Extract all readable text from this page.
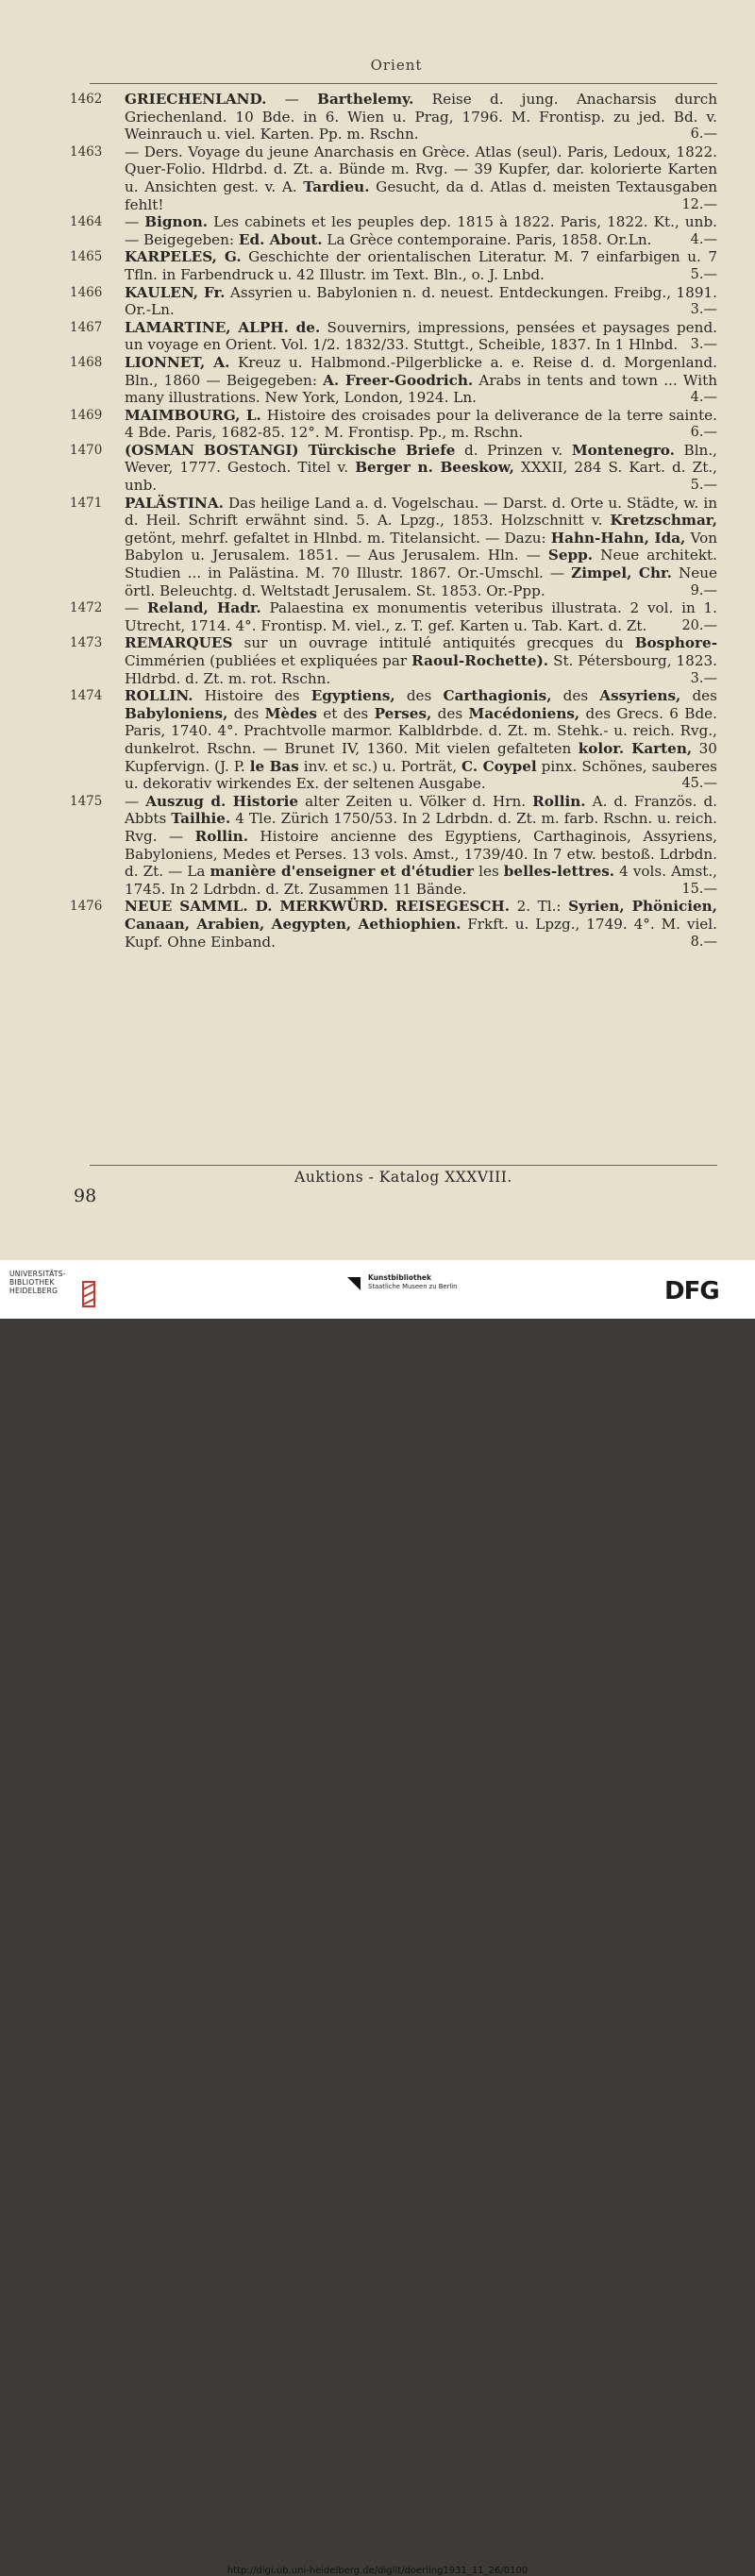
Orient
1462 GRIECHENLAND. — Barthelemy. Reise d. jung. Anacharsis durch Griechenland. 10 Bde. in 6. Wien u. Prag, 1796. M. Frontisp. zu jed. Bd. v. Weinrauch u. viel. Karten. Pp. m. Rschn.	6.—
1463 — Ders. Voyage du jeune Anarchasis en Grèce. Atlas (seul). Paris, Ledoux, 1822. Quer-Folio. Hldrbd. d. Zt. a. Bünde m. Rvg. — 39 Kupfer, dar. kolorierte Karten u. Ansichten gest. v. A. Tardieu. Gesucht, da d. Atlas d. meisten Textausgaben fehlt!	12.—
1464 — Bignon. Les cabinets et les peuples dep. 1815 à 1822. Paris, 1822. Kt., unb. — Beigegeben: Ed. About. La Grèce contemporaine. Paris, 1858. Or.Ln.	4.—
1465 KARPELES, G. Geschichte der orientalischen Literatur. M. 7 einfarbigen u. 7 Tfln. in Farbendruck u. 42 Illustr. im Text. Bln., o. J. Lnbd.	5.—
1466 KAULEN, Fr. Assyrien u. Babylonien n. d. neuest. Entdeckungen. Freibg., 1891. Or.-Ln.	3.—
1467 LAMARTINE, ALPH. de. Souvernirs, impressions, pensées et paysages pend. un voyage en Orient. Vol. 1/2. 1832/33. Stuttgt., Scheible, 1837. In 1 Hlnbd. 3.—
1468 LIONNET, A. Kreuz u. Halbmond.-Pilgerblicke a. e. Reise d. d. Morgenland. Bln., 1860 — Beigegeben: A. Freer-Goodrich. Arabs in tents and town ... With many illustrations. New York, London, 1924. Ln.	4.—
1469 MAIMBOURG, L. Histoire des croisades pour la deliverance de la terre sainte. 4 Bde. Paris, 1682-85. 12°. M. Frontisp. Pp., m. Rschn.	6.—
1470 (OSMAN BOSTANGI) Türckische Briefe d. Prinzen v. Montenegro. Bln., Wever, 1777. Gestoch. Titel v. Berger n. Beeskow, XXXII, 284 S. Kart. d. Zt., unb.	5.—
1471 PALÄSTINA. Das heilige Land a. d. Vogelschau. — Darst. d. Orte u. Städte, w. in d. Heil. Schrift erwähnt sind. 5. A. Lpzg., 1853. Holzschnitt v. Kretzschmar, getönt, mehrf. gefaltet in Hlnbd. m. Titelansicht. — Dazu: Hahn-Hahn, Ida, Von Babylon u. Jerusalem. 1851. — Aus Jerusalem. Hln. — Sepp. Neue architekt. Studien ... in Palästina. M. 70 Illustr. 1867. Or.-Umschl. — Zimpel, Chr. Neue örtl. Beleuchtg. d. Weltstadt Jerusalem. St. 1853. Or.-Ppp.	9.—
1472 — Reland, Hadr. Palaestina ex monumentis veteribus illustrata. 2 vol. in 1. Utrecht, 1714. 4°. Frontisp. M. viel., z. T. gef. Karten u. Tab. Kart. d. Zt.	20.—
1473 REMARQUES sur un ouvrage intitulé antiquités grecques du Bosphore-Cimmérien (publiées et expliquées par Raoul-Rochette). St. Pétersbourg, 1823. Hldrbd. d. Zt. m. rot. Rschn.	3.—
1474 ROLLIN. Histoire des Egyptiens, des Carthagionis, des Assyriens, des Babyloniens, des Mèdes et des Perses, des Macédoniens, des Grecs. 6 Bde. Paris, 1740. 4°. Prachtvolle marmor. Kalbldrbde. d. Zt. m. Stehk.- u. reich. Rvg., dunkelrot. Rschn. — Brunet IV, 1360. Mit vielen gefalteten kolor. Karten, 30 Kupfervign. (J. P. le Bas inv. et sc.) u. Porträt, C. Coypel pinx. Schönes, sauberes u. dekorativ wirkendes Ex. der seltenen Ausgabe.	45.—
1475 — Auszug d. Historie alter Zeiten u. Völker d. Hrn. Rollin. A. d. Französ. d. Abbts Tailhie. 4 Tle. Zürich 1750/53. In 2 Ldrbdn. d. Zt. m. farb. Rschn. u. reich. Rvg. — Rollin. Histoire ancienne des Egyptiens, Carthaginois, Assyriens, Babyloniens, Medes et Perses. 13 vols. Amst., 1739/40. In 7 etw. bestoß. Ldrbdn. d. Zt. — La manière d'enseigner et d'étudier les belles-lettres. 4 vols. Amst., 1745. In 2 Ldrbdn. d. Zt. Zusammen 11 Bände.	15.—
1476 NEUE SAMML. D. MERKWÜRD. REISEGESCH. 2. Tl.: Syrien, Phönicien, Canaan, Arabien, Aegypten, Aethiophien. Frkft. u. Lpzg., 1749. 4°. M. viel. Kupf. Ohne Einband.	8.—
Auktions - Katalog XXXVIII.
98
UNIVERSITÄTS-
BIBLIOTHEK
HEIDELBERG
Kunstbibliothek
Staatliche Museen zu Berlin	DFG
http://digi.ub.uni-heidelberg.de/diglit/doerling1931_11_26/0100
